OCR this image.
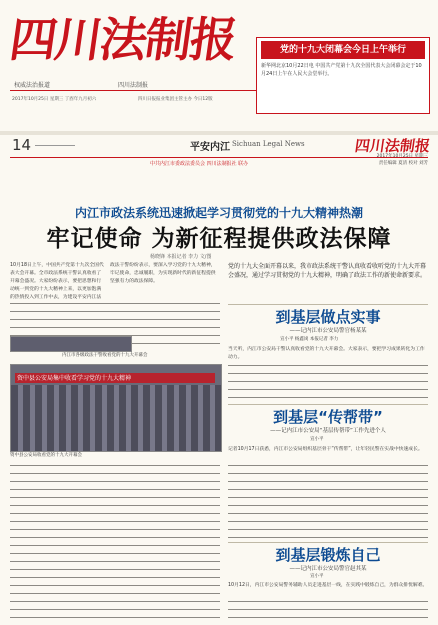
四川法制报
权威法治报道	四川法制报
2017年10月25日 星期三 丁酉年九月初六	四川日报报业集团主管主办 今日12版
党的十九大闭幕会今日上午举行
新华网北京10月22日电 中国共产党第十九次全国代表大会闭幕会定于10月24日上午在人民大会堂举行。
14	平安内江 Sichuan Legal News	四川法制报
责任编辑 夏清 校对 刘芳
中共内江市委政法委员会 四川法制报社 联办
内江市政法系统迅速掀起学习贯彻党的十九大精神热潮
牢记使命 为新征程提供政法保障
杨晓锋 本报记者 李力 文/图
党的十九大全面开幕以来，我市政法系统干警认真收看收听党的十九大开幕会盛况，通过学习贯彻党的十九大精神，明确了政法工作的新使命新要求。
10月18日上午，中国共产党第十九次全国代表大会开幕。全市政法系统干警认真收看了开幕会盛况。大家纷纷表示，要把思想和行动统一到党的十九大精神上来，以更加饱满的热情投入到工作中去，为建设平安内江法
政法干警纷纷表示，要深入学习党的十九大精神，牢记使命，忠诚履职，为实现新时代的新征程提供坚强有力的政法保障。
内江市各级政法干警收看党的十九大开幕会
资中县公安局集中收看学习党的十九大精神
资中县公安局收看党的十九大开幕会
到基层做点实事
——记内江市公安局警官杨某某
宣小平 杨鑫岗 本报记者 李力
当天听，内江市公安局干警认真收看党的十九大开幕会。大家表示，要把学习成果转化为工作动力。
到基层“传帮带”
——记内江市公安局“基层传帮带”工作先进个人
宣小平
记者10月17日获悉，内江市公安局组织基层骨干“传帮带”，让年轻民警在实战中快速成长。
到基层锻炼自己
——记内江市公安局警官赵其某
宣小平
10月12日，内江市公安局警务辅助人员走进基层一线，在实践中锻炼自己，为群众排忧解难。
